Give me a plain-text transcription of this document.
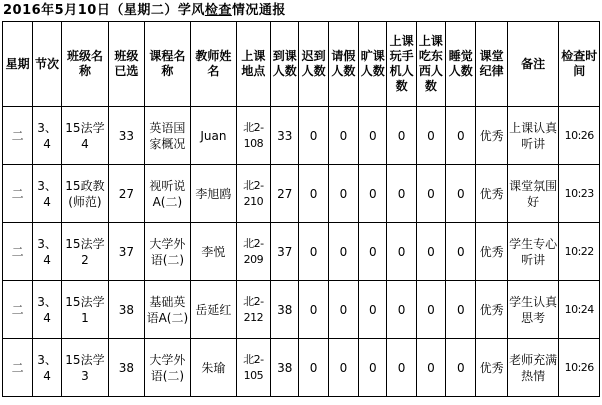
2016年5月10日（星期二）学风检查情况通报
星期	节次	班级名称	班级已选	课程名称	教师姓名	上课地点	到课人数	迟到人数	请假人数	旷课人数	上课玩手机人数	上课吃东西人数	睡觉人数	课堂纪律	备注	检查时间
二	3、4	15法学4	33	英语国家概况	Juan	北2-108	33	0	0	0	0	0	0	优秀	上课认真听讲	10:26
二	3、4	15政教(师范)	27	视听说A(二)	李旭鸥	北2-210	27	0	0	0	0	0	0	优秀	课堂氛围好	10:23
二	3、4	15法学2	37	大学外语(二)	李悦	北2-209	37	0	0	0	0	0	0	优秀	学生专心听讲	10:22
二	3、4	15法学1	38	基础英语A(二)	岳延红	北2-212	38	0	0	0	0	0	0	优秀	学生认真思考	10:24
二	3、4	15法学3	38	大学外语(二)	朱瑜	北2-105	38	0	0	0	0	0	0	优秀	老师充满热情	10:26
